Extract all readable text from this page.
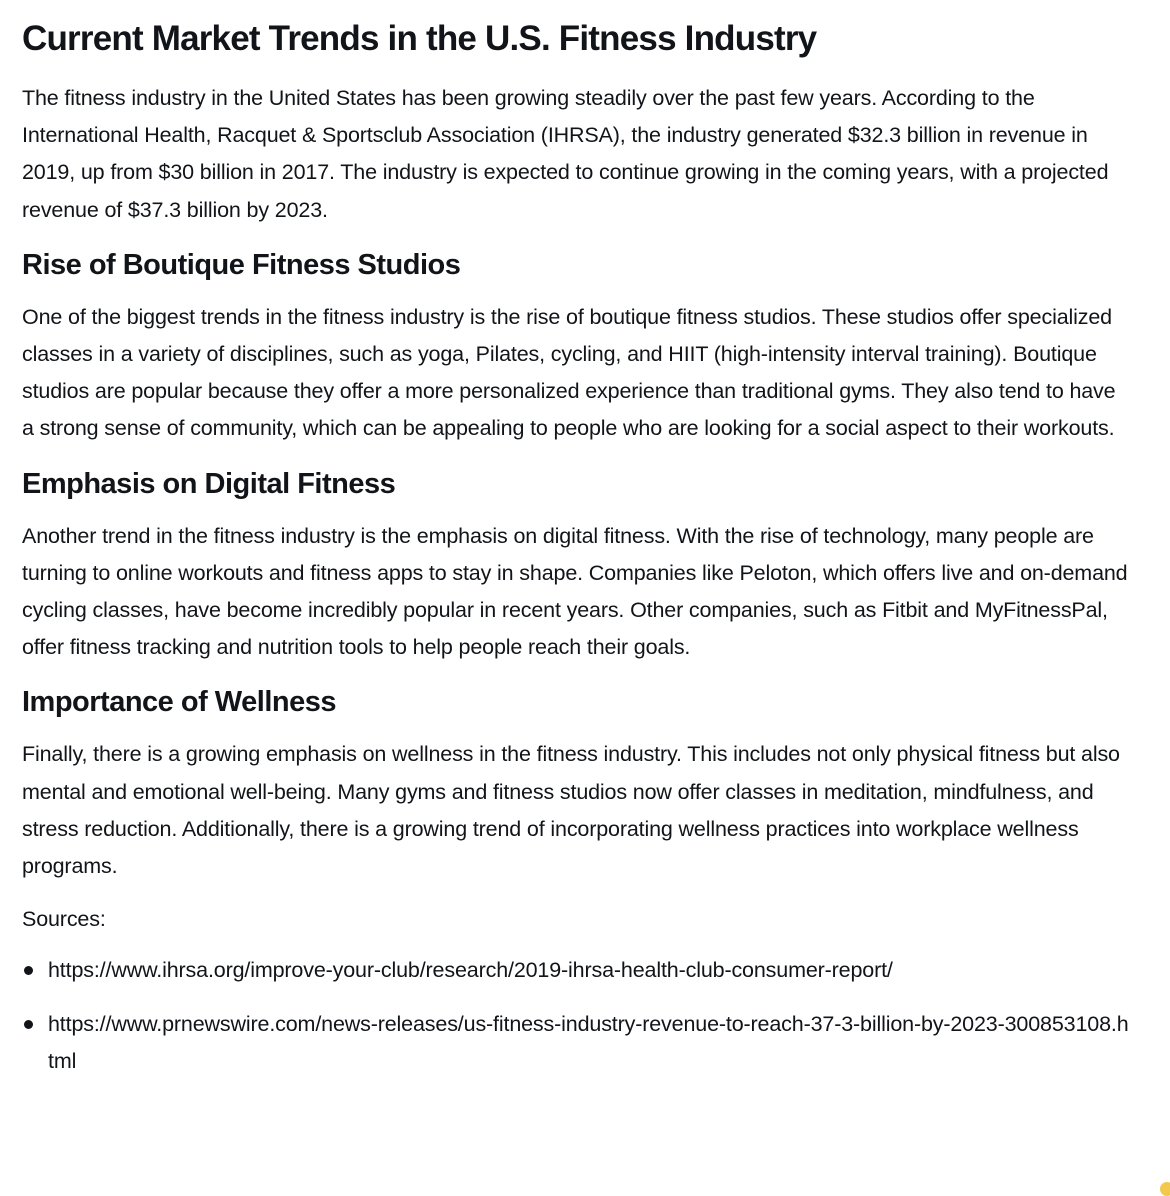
Current Market Trends in the U.S. Fitness Industry

The fitness industry in the United States has been growing steadily over the past few years. According to the International Health, Racquet & Sportsclub Association (IHRSA), the industry generated $32.3 billion in revenue in 2019, up from $30 billion in 2017. The industry is expected to continue growing in the coming years, with a projected revenue of $37.3 billion by 2023.

Rise of Boutique Fitness Studios

One of the biggest trends in the fitness industry is the rise of boutique fitness studios. These studios offer specialized classes in a variety of disciplines, such as yoga, Pilates, cycling, and HIIT (high-intensity interval training). Boutique studios are popular because they offer a more personalized experience than traditional gyms. They also tend to have a strong sense of community, which can be appealing to people who are looking for a social aspect to their workouts.

Emphasis on Digital Fitness

Another trend in the fitness industry is the emphasis on digital fitness. With the rise of technology, many people are turning to online workouts and fitness apps to stay in shape. Companies like Peloton, which offers live and on-demand cycling classes, have become incredibly popular in recent years. Other companies, such as Fitbit and MyFitnessPal, offer fitness tracking and nutrition tools to help people reach their goals.

Importance of Wellness

Finally, there is a growing emphasis on wellness in the fitness industry. This includes not only physical fitness but also mental and emotional well-being. Many gyms and fitness studios now offer classes in meditation, mindfulness, and stress reduction. Additionally, there is a growing trend of incorporating wellness practices into workplace wellness programs.

Sources:

https://www.ihrsa.org/improve-your-club/research/2019-ihrsa-health-club-consumer-report/
https://www.prnewswire.com/news-releases/us-fitness-industry-revenue-to-reach-37-3-billion-by-2023-300853108.html
